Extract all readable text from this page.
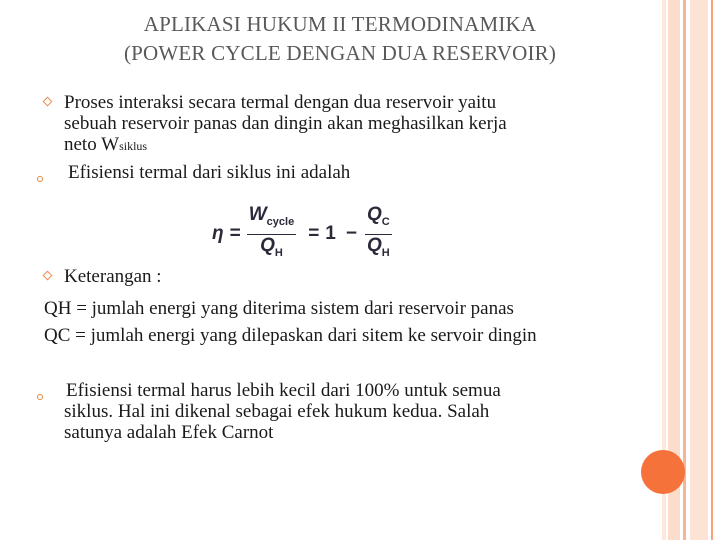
APLIKASI HUKUM II TERMODINAMIKA
(POWER CYCLE DENGAN DUA RESERVOIR)
Proses interaksi secara termal dengan dua reservoir yaitu
sebuah reservoir panas dan dingin akan meghasilkan kerja
neto Wsiklus
Efisiensi termal dari siklus ini adalah
$\eta = \frac{W_{cycle}}{Q_H} = 1 - \frac{Q_C}{Q_H}$
Keterangan :
QH = jumlah energi yang diterima sistem dari reservoir panas
QC = jumlah energi yang dilepaskan dari sitem ke servoir dingin
Efisiensi termal harus lebih kecil dari 100% untuk semua
siklus. Hal ini dikenal sebagai efek hukum kedua. Salah
satunya adalah Efek Carnot
